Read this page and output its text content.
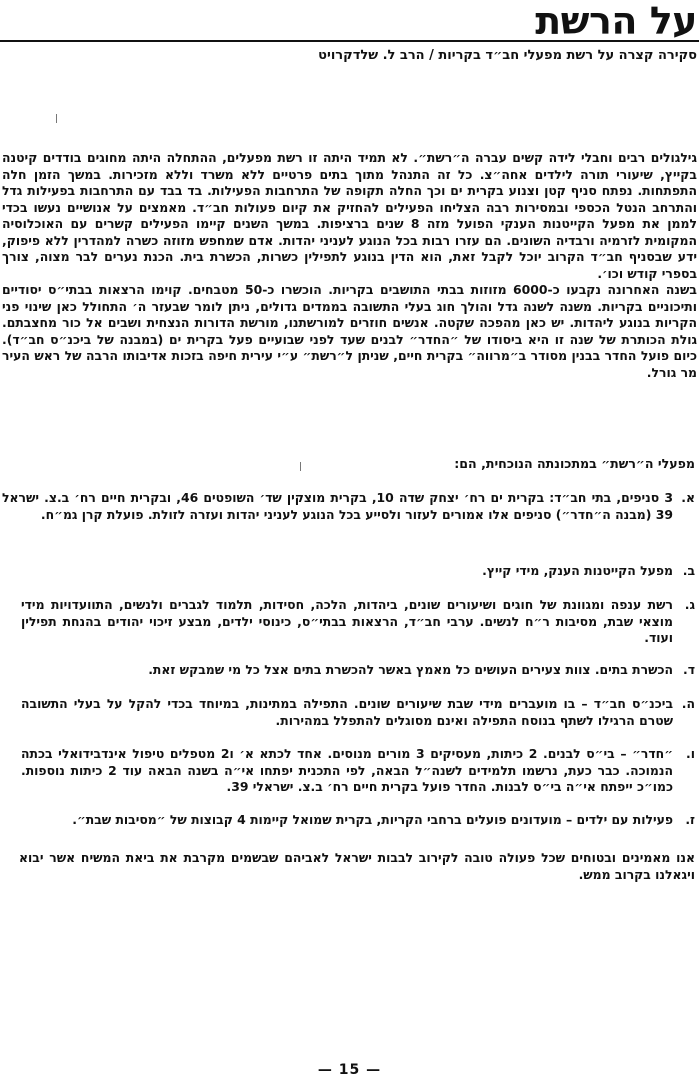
על הרשת
סקירה קצרה על רשת מפעלי חב״ד בקריות / הרב ל. שלדקרויט

גילגולים רבים וחבלי לידה קשים עברה ה״רשת״. לא תמיד היתה זו רשת מפעלים, ההתחלה היתה מחוגים בודדים קיטנה בקייץ, שיעורי תורה לילדים אחה״צ. כל זה התנהל מתוך בתים פרטיים ללא משרד וללא מזכירות. במשך הזמן חלה התפתחות. נפתח סניף קטן וצנוע בקרית ים וכך החלה תקופה של התרחבות הפעילות. בד בבד עם התרחבות בפעילות גדל והתרחב הנטל הכספי ובמסירות רבה הצליחו הפעילים להחזיק את קיום פעולות חב״ד. מאמצים על אנושיים נעשו בכדי לממן את מפעל הקייטנות הענקי הפועל מזה 8 שנים ברציפות. במשך השנים קיימו הפעילים קשרים עם האוכלוסיה המקומית לזרמיה ורבדיה השונים. הם עזרו רבות בכל הנוגע לעניני יהדות. אדם שמחפש מזוזה כשרה למהדרין ללא פיפוק, ידע שבסניף חב״ד הקרוב יוכל לקבל זאת, הוא הדין בנוגע לתפילין כשרות, הכשרת בית. הכנת נערים לבר מצוה, צורך בספרי קודש וכו׳.

בשנה האחרונה נקבעו כ-6000 מזוזות בבתי התושבים בקריות. הוכשרו כ-50 מטבחים. קוימו הרצאות בבתי״ס יסודיים ותיכוניים בקריות. משנה לשנה גדל והולך חוג בעלי התשובה בממדים גדולים, ניתן לומר שבעזר ה׳ התחולל כאן שינוי פני הקריות בנוגע ליהדות. יש כאן מהפכה שקטה. אנשים חוזרים למורשתנו, מורשת הדורות הנצחית ושבים אל כור מחצבתם. גולת הכותרת של שנה זו היא ביסודו של ״החדר״ לבנים שעד לפני שבועיים פעל בקרית ים (במבנה של ביכנ״ס חב״ד). כיום פועל החדר בבנין מסודר ב״מרווה״ בקרית חיים, שניתן ל״רשת״ ע״י עירית חיפה בזכות אדיבותו הרבה של ראש העיר מר גורל.

מפעלי ה״רשת״ במתכונתה הנוכחית, הם:
א.
3 סניפים, בתי חב״ד: בקרית ים רח׳ יצחק שדה 10, בקרית מוצקין שד׳ השופטים 46, ובקרית חיים רח׳ ב.צ. ישראל 39 (מבנה ה״חדר״) סניפים אלו אמורים לעזור ולסייע בכל הנוגע לעניני יהדות ועזרה לזולת. פועלת קרן גמ״ח.
ב.
מפעל הקייטנות הענק, מידי קייץ.
ג.
רשת ענפה ומגוונת של חוגים ושיעורים שונים, ביהדות, הלכה, חסידות, תלמוד לגברים ולנשים, התוועדויות מידי מוצאי שבת, מסיבות ר״ח לנשים. ערבי חב״ד, הרצאות בבתי״ס, כינוסי ילדים, מבצע זיכוי יהודים בהנחת תפילין ועוד.
ד.
הכשרת בתים. צוות צעירים העושים כל מאמץ באשר להכשרת בתים אצל כל מי שמבקש זאת.
ה.
ביכנ״ס חב״ד – בו מועברים מידי שבת שיעורים שונים. התפילה במתינות, במיוחד בכדי להקל על בעלי התשובה שטרם הרגילו לשתף בנוסח התפילה ואינם מסוגלים להתפלל במהירות.
ו.
״חדר״ – בי״ס לבנים. 2 כיתות, מעסיקים 3 מורים מנוסים. אחד לכתא א׳ ו2 מטפלים טיפול אינדבידואלי בכתה הנמוכה. כבר כעת, נרשמו תלמידים לשנה״ל הבאה, לפי התכנית יפתחו אי״ה בשנה הבאה עוד 2 כיתות נוספות. כמו״כ ייפתח אי״ה בי״ס לבנות. החדר פועל בקרית חיים רח׳ ב.צ. ישראלי 39.
ז.
פעילות עם ילדים – מועדונים פועלים ברחבי הקריות, בקרית שמואל קיימות 4 קבוצות של ״מסיבות שבת״.
אנו מאמינים ובטוחים שכל פעולה טובה לקירוב לבבות ישראל לאביהם שבשמים מקרבת את ביאת המשיח אשר יבוא ויגאלנו בקרוב ממש.
— 15 —
